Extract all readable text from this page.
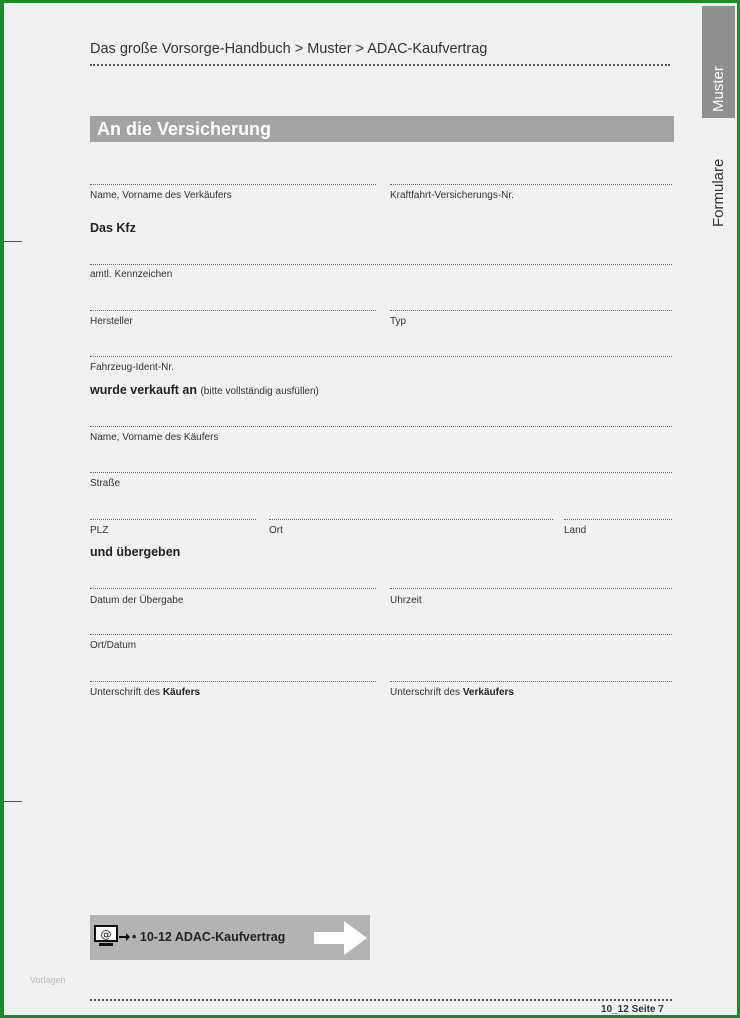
Das große Vorsorge-Handbuch > Muster > ADAC-Kaufvertrag
Muster
Formulare
An die Versicherung
Name, Vorname des Verkäufers	Kraftfahrt-Versicherungs-Nr.
Das Kfz
amtl. Kennzeichen
Hersteller	Typ
Fahrzeug-Ident-Nr.
wurde verkauft an (bitte vollständig ausfüllen)
Name, Vorname des Käufers
Straße
PLZ	Ort	Land
und übergeben
Datum der Übergabe	Uhrzeit
Ort/Datum
Unterschrift des Käufers	Unterschrift des Verkäufers
@ • 10-12 ADAC-Kaufvertrag
Vorlagen
10_12 Seite 7
